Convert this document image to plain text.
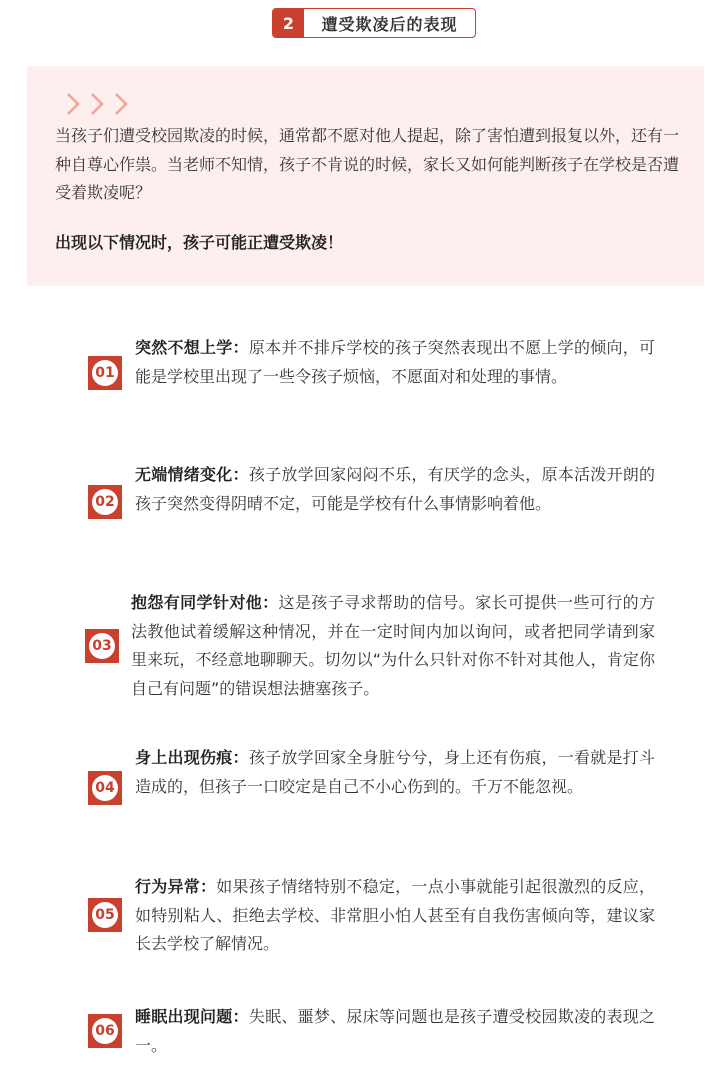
2	遭受欺凌后的表现
当孩子们遭受校园欺凌的时候，通常都不愿对他人提起，除了害怕遭到报复以外，还有一种自尊心作祟。当老师不知情，孩子不肯说的时候，家长又如何能判断孩子在学校是否遭受着欺凌呢？
出现以下情况时，孩子可能正遭受欺凌！
01
突然不想上学：原本并不排斥学校的孩子突然表现出不愿上学的倾向，可能是学校里出现了一些令孩子烦恼，不愿面对和处理的事情。
02
无端情绪变化：孩子放学回家闷闷不乐，有厌学的念头，原本活泼开朗的孩子突然变得阴晴不定，可能是学校有什么事情影响着他。
03
抱怨有同学针对他：这是孩子寻求帮助的信号。家长可提供一些可行的方法教他试着缓解这种情况，并在一定时间内加以询问，或者把同学请到家里来玩，不经意地聊聊天。切勿以“为什么只针对你不针对其他人，肯定你自己有问题”的错误想法搪塞孩子。
04
身上出现伤痕：孩子放学回家全身脏兮兮，身上还有伤痕，一看就是打斗造成的，但孩子一口咬定是自己不小心伤到的。千万不能忽视。
05
行为异常：如果孩子情绪特别不稳定，一点小事就能引起很激烈的反应，如特别粘人、拒绝去学校、非常胆小怕人甚至有自我伤害倾向等，建议家长去学校了解情况。
06
睡眠出现问题：失眠、噩梦、尿床等问题也是孩子遭受校园欺凌的表现之一。
